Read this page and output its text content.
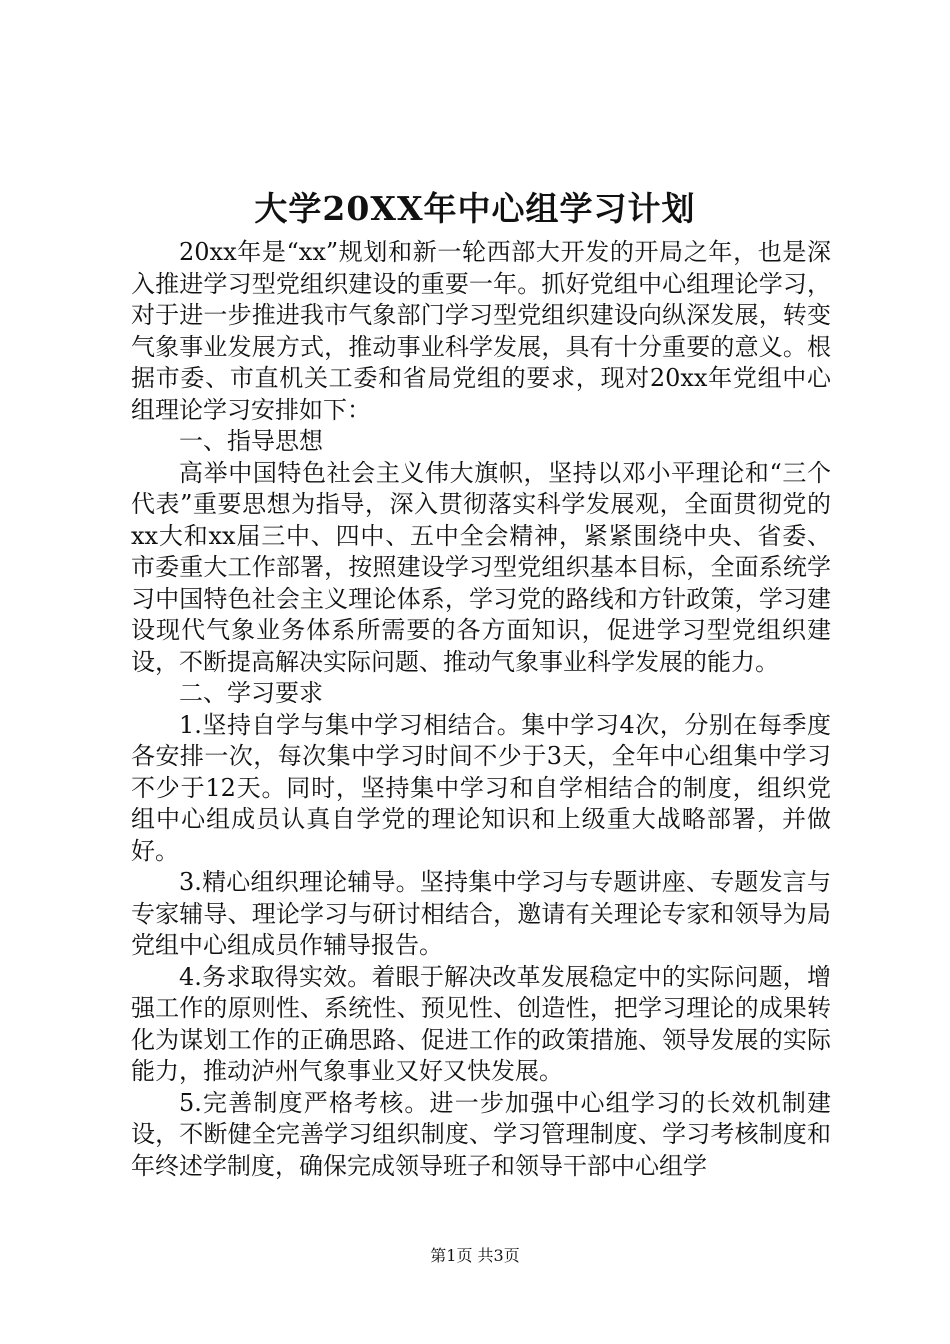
大学20XX年中心组学习计划

20xx年是“xx”规划和新一轮西部大开发的开局之年，也是深入推进学习型党组织建设的重要一年。抓好党组中心组理论学习，对于进一步推进我市气象部门学习型党组织建设向纵深发展，转变气象事业发展方式，推动事业科学发展，具有十分重要的意义。根据市委、市直机关工委和省局党组的要求，现对20xx年党组中心组理论学习安排如下：

一、指导思想

高举中国特色社会主义伟大旗帜，坚持以邓小平理论和“三个代表”重要思想为指导，深入贯彻落实科学发展观，全面贯彻党的xx大和xx届三中、四中、五中全会精神，紧紧围绕中央、省委、市委重大工作部署，按照建设学习型党组织基本目标，全面系统学习中国特色社会主义理论体系，学习党的路线和方针政策，学习建设现代气象业务体系所需要的各方面知识，促进学习型党组织建设，不断提高解决实际问题、推动气象事业科学发展的能力。

二、学习要求

1.坚持自学与集中学习相结合。集中学习4次，分别在每季度各安排一次，每次集中学习时间不少于3天，全年中心组集中学习不少于12天。同时，坚持集中学习和自学相结合的制度，组织党组中心组成员认真自学党的理论知识和上级重大战略部署，并做好。

3.精心组织理论辅导。坚持集中学习与专题讲座、专题发言与专家辅导、理论学习与研讨相结合，邀请有关理论专家和领导为局党组中心组成员作辅导报告。

4.务求取得实效。着眼于解决改革发展稳定中的实际问题，增强工作的原则性、系统性、预见性、创造性，把学习理论的成果转化为谋划工作的正确思路、促进工作的政策措施、领导发展的实际能力，推动泸州气象事业又好又快发展。

5.完善制度严格考核。进一步加强中心组学习的长效机制建设，不断健全完善学习组织制度、学习管理制度、学习考核制度和年终述学制度，确保完成领导班子和领导干部中心组学

第1页 共3页
